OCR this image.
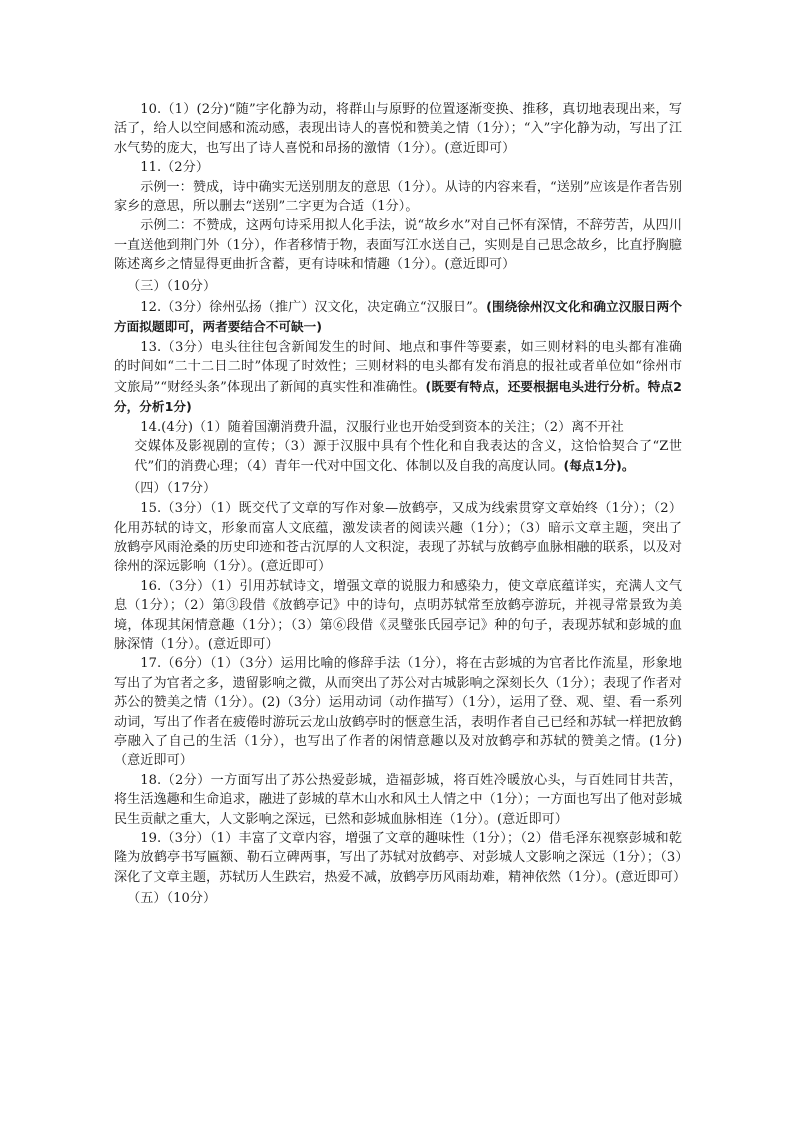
10.（1）(2分)“随”字化静为动，将群山与原野的位置逐渐变换、推移，真切地表现出来，写活了，给人以空间感和流动感，表现出诗人的喜悦和赞美之情（1分）；“入”字化静为动，写出了江水气势的庞大，也写出了诗人喜悦和昂扬的激情（1分）。(意近即可）

11.（2分）

示例一：赞成，诗中确实无送别朋友的意思（1分）。从诗的内容来看，“送别”应该是作者告别家乡的意思，所以删去“送别”二字更为合适（1分）。

示例二：不赞成，这两句诗采用拟人化手法，说“故乡水”对自己怀有深情，不辞劳苦，从四川一直送他到荆门外（1分），作者移情于物，表面写江水送自己，实则是自己思念故乡，比直抒胸臆陈述离乡之情显得更曲折含蓄，更有诗味和情趣（1分）。(意近即可）

（三）（10分）

12.（3分）徐州弘扬（推广）汉文化，决定确立“汉服日”。(围绕徐州汉文化和确立汉服日两个方面拟题即可，两者要结合不可缺一)

13.（3分）电头往往包含新闻发生的时间、地点和事件等要素，如三则材料的电头都有准确的时间如“二十二日二时”体现了时效性；三则材料的电头都有发布消息的报社或者单位如“徐州市文旅局”“财经头条”体现出了新闻的真实性和准确性。(既要有特点，还要根据电头进行分析。特点2分，分析1分)

14.(4分)（1）随着国潮消费升温，汉服行业也开始受到资本的关注；（2）离不开社

交媒体及影视剧的宣传；（3）源于汉服中具有个性化和自我表达的含义，这恰恰契合了“Z世代”们的消费心理；（4）青年一代对中国文化、体制以及自我的高度认同。(每点1分)。

（四）（17分）

15.（3分）（1）既交代了文章的写作对象—放鹤亭，又成为线索贯穿文章始终（1分）；（2）化用苏轼的诗文，形象而富人文底蕴，激发读者的阅读兴趣（1分）；（3）暗示文章主题，突出了放鹤亭风雨沧桑的历史印迹和苍古沉厚的人文积淀，表现了苏轼与放鹤亭血脉相融的联系，以及对徐州的深远影响（1分）。(意近即可）

16.（3分）（1）引用苏轼诗文，增强文章的说服力和感染力，使文章底蕴详实，充满人文气息（1分）；（2）第③段借《放鹤亭记》中的诗句，点明苏轼常至放鹤亭游玩，并视寻常景致为美境，体现其闲情意趣（1分）；（3）第⑥段借《灵璧张氏园亭记》种的句子，表现苏轼和彭城的血脉深情（1分）。(意近即可）

17.（6分）（1）（3分）运用比喻的修辞手法（1分），将在古彭城的为官者比作流星，形象地写出了为官者之多，遗留影响之微，从而突出了苏公对古城影响之深刻长久（1分）；表现了作者对苏公的赞美之情（1分）。(2)（3分）运用动词（动作描写）（1分），运用了登、观、望、看一系列动词，写出了作者在疲倦时游玩云龙山放鹤亭时的惬意生活，表明作者自己已经和苏轼一样把放鹤亭融入了自己的生活（1分），也写出了作者的闲情意趣以及对放鹤亭和苏轼的赞美之情。(1分)（意近即可）

18.（2分）一方面写出了苏公热爱彭城，造福彭城，将百姓冷暖放心头，与百姓同甘共苦，将生活逸趣和生命追求，融进了彭城的草木山水和风土人情之中（1分）；一方面也写出了他对彭城民生贡献之重大，人文影响之深远，已然和彭城血脉相连（1分）。(意近即可）

19.（3分）（1）丰富了文章内容，增强了文章的趣味性（1分）；（2）借毛泽东视察彭城和乾隆为放鹤亭书写匾额、勒石立碑两事，写出了苏轼对放鹤亭、对彭城人文影响之深远（1分）；（3）深化了文章主题，苏轼历人生跌宕，热爱不减，放鹤亭历风雨劫难，精神依然（1分）。(意近即可）

（五）（10分）
